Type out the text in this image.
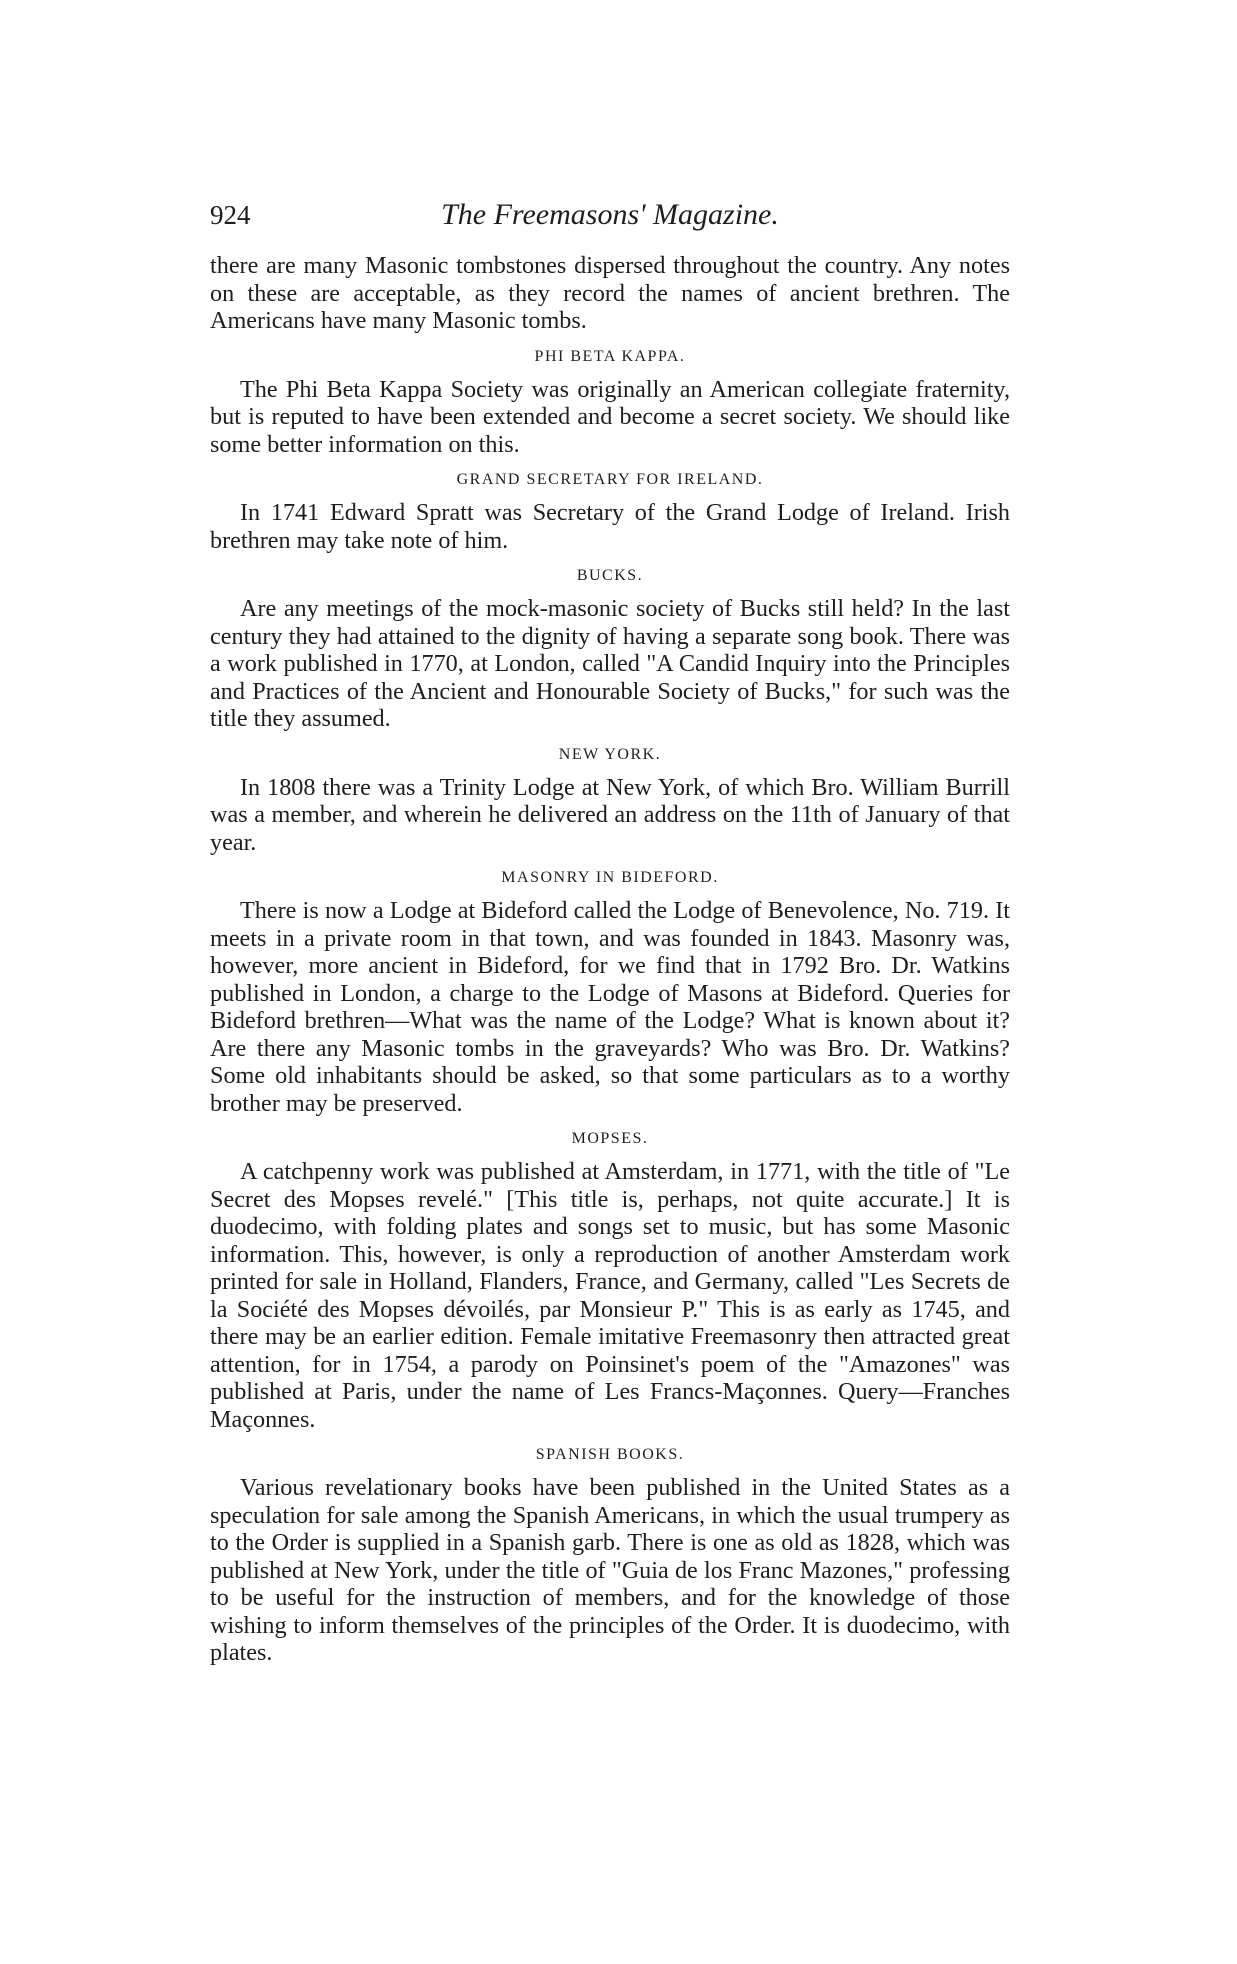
924	The Freemasons' Magazine.

there are many Masonic tombstones dispersed throughout the country. Any notes on these are acceptable, as they record the names of ancient brethren. The Americans have many Masonic tombs.

PHI BETA KAPPA.

The Phi Beta Kappa Society was originally an American collegiate fraternity, but is reputed to have been extended and become a secret society. We should like some better information on this.

GRAND SECRETARY FOR IRELAND.

In 1741 Edward Spratt was Secretary of the Grand Lodge of Ireland. Irish brethren may take note of him.

BUCKS.

Are any meetings of the mock-masonic society of Bucks still held? In the last century they had attained to the dignity of having a separate song book. There was a work published in 1770, at London, called "A Candid Inquiry into the Principles and Practices of the Ancient and Honourable Society of Bucks," for such was the title they assumed.

NEW YORK.

In 1808 there was a Trinity Lodge at New York, of which Bro. William Burrill was a member, and wherein he delivered an address on the 11th of January of that year.

MASONRY IN BIDEFORD.

There is now a Lodge at Bideford called the Lodge of Benevolence, No. 719. It meets in a private room in that town, and was founded in 1843. Masonry was, however, more ancient in Bideford, for we find that in 1792 Bro. Dr. Watkins published in London, a charge to the Lodge of Masons at Bideford. Queries for Bideford brethren—What was the name of the Lodge? What is known about it? Are there any Masonic tombs in the graveyards? Who was Bro. Dr. Watkins? Some old inhabitants should be asked, so that some particulars as to a worthy brother may be preserved.

MOPSES.

A catchpenny work was published at Amsterdam, in 1771, with the title of "Le Secret des Mopses revelé." [This title is, perhaps, not quite accurate.] It is duodecimo, with folding plates and songs set to music, but has some Masonic information. This, however, is only a reproduction of another Amsterdam work printed for sale in Holland, Flanders, France, and Germany, called "Les Secrets de la Société des Mopses dévoilés, par Monsieur P." This is as early as 1745, and there may be an earlier edition. Female imitative Freemasonry then attracted great attention, for in 1754, a parody on Poinsinet's poem of the "Amazones" was published at Paris, under the name of Les Francs-Maçonnes. Query—Franches Maçonnes.

SPANISH BOOKS.

Various revelationary books have been published in the United States as a speculation for sale among the Spanish Americans, in which the usual trumpery as to the Order is supplied in a Spanish garb. There is one as old as 1828, which was published at New York, under the title of "Guia de los Franc Mazones," professing to be useful for the instruction of members, and for the knowledge of those wishing to inform themselves of the principles of the Order. It is duodecimo, with plates.
